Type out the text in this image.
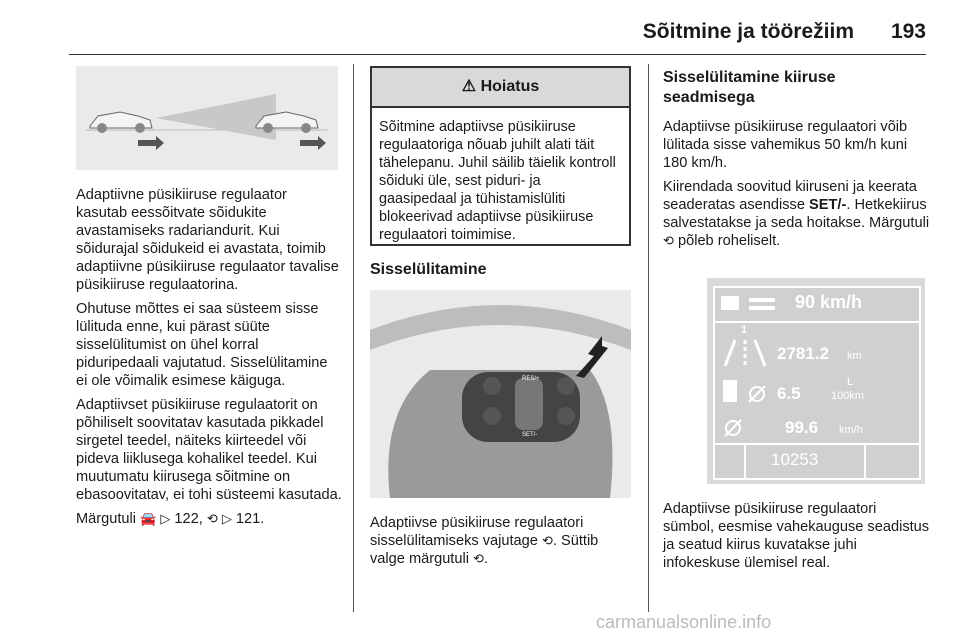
Sõitmine ja töörežiim 193

Adaptiivne püsikiiruse regulaator kasutab eessõitvate sõidukite avastamiseks radariandurit. Kui sõidurajal sõidukeid ei avastata, toimib adaptiivne püsikiiruse regulaator tavalise püsikiiruse regulaatorina.

Ohutuse mõttes ei saa süsteem sisse lülituda enne, kui pärast süüte sisselülitumist on ühel korral piduripedaali vajutatud. Sisselülitamine ei ole võimalik esimese käiguga.

Adaptiivset püsikiiruse regulaatorit on põhiliselt soovitatav kasutada pikkadel sirgetel teedel, näiteks kiirteedel või pideva liiklusega kohalikel teedel. Kui muutumatu kiirusega sõitmine on ebasoovitatav, ei tohi süsteemi kasutada.

Märgutuli 🚘 ▷ 122, ⟲ ▷ 121.

⚠ Hoiatus
Sõitmine adaptiivse püsikiiruse regulaatoriga nõuab juhilt alati täit tähelepanu. Juhil säilib täielik kontroll sõiduki üle, sest piduri- ja gaasipedaal ja tühistamislüliti blokeerivad adaptiivse püsikiiruse regulaatori toimimise.
Sisselülitamine
RES/+
SET/-

Adaptiivse püsikiiruse regulaatori sisselülitamiseks vajutage ⟲. Süttib valge märgutuli ⟲.

Sisselülitamine kiiruse seadmisega

Adaptiivse püsikiiruse regulaatori võib lülitada sisse vahemikus 50 km/h kuni 180 km/h.

Kiirendada soovitud kiiruseni ja keerata seaderatas asendisse SET/-. Hetkekiirus salvestatakse ja seda hoitakse. Märgutuli ⟲ põleb roheliselt.

90 km/h
1
2781.2 km
6.5
L
100km
99.6 km/h
10253

Adaptiivse püsikiiruse regulaatori sümbol, eesmise vahekauguse seadistus ja seatud kiirus kuvatakse juhi infokeskuse ülemisel real.

carmanualsonline.info
